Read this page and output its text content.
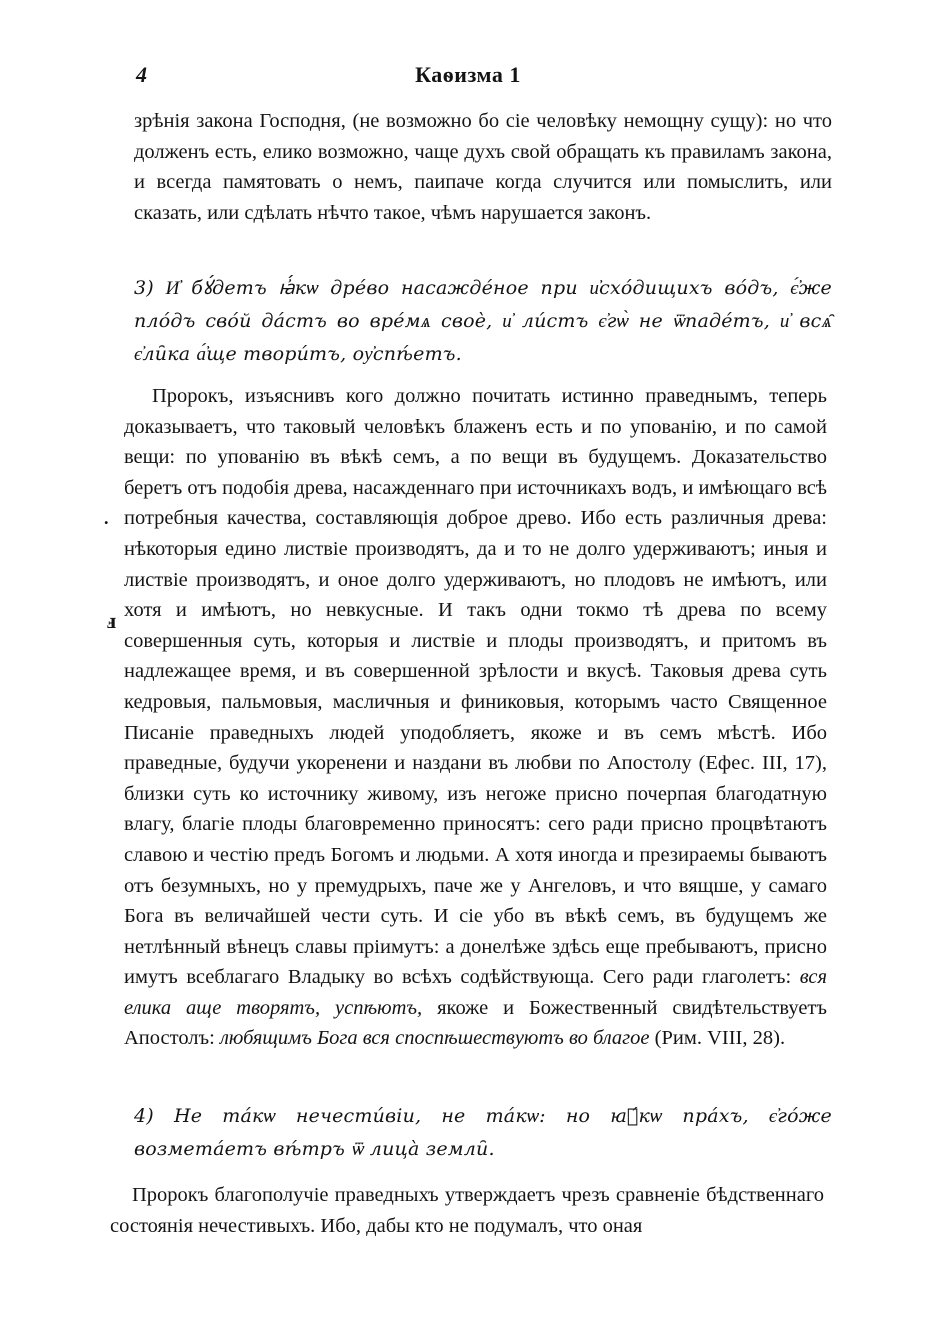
4	Каѳизма 1

зрѣнія закона Господня, (не возможно бо сіе человѣку немощну сущу): но что долженъ есть, елико возможно, чаще духъ свой обращать къ правиламъ закона, и всегда памятовать о немъ, паипаче когда случится или помыслить, или сказать, или сдѣлать нѣчто такое, чѣмъ нарушается законъ.

3) И҆ бꙋ́детъ ꙗ҆́кѡ дре́во насажде́ное при и҆схо́дищихъ во́дъ, є҆́же пло́дъ сво́й да́стъ во вре́мѧ своѐ, и҆ ли́стъ є҆гѡ̀ не ѿпаде́тъ, и҆ всѧ̑ є҆ли̑ка а҆́ще твори́тъ, оу҆спѣ́етъ.

Пророкъ, изъяснивъ кого должно почитать истинно праведнымъ, теперь доказываетъ, что таковый человѣкъ блаженъ есть и по упованію, и по самой вещи: по упованію въ вѣкѣ семъ, а по вещи въ будущемъ. Доказательство беретъ отъ подобія древа, насажденнаго при источникахъ водъ, и имѣющаго всѣ потребныя качества, составляющія доброе древо. Ибо есть различныя древа: нѣкоторыя едино листвіе производятъ, да и то не долго удерживаютъ; иныя и листвіе производятъ, и оное долго удерживаютъ, но плодовъ не имѣютъ, или хотя и имѣютъ, но невкусные. И такъ одни токмо тѣ древа по всему совершенныя суть, которыя и листвіе и плоды производятъ, и притомъ въ надлежащее время, и въ совершенной зрѣлости и вкусѣ. Таковыя древа суть кедровыя, пальмовыя, масличныя и финиковыя, которымъ часто Священное Писаніе праведныхъ людей уподобляетъ, якоже и въ семъ мѣстѣ. Ибо праведные, будучи укоренени и наздани въ любви по Апостолу (Ефес. III, 17), близки суть ко источнику живому, изъ негоже присно почерпая благодатную влагу, благіе плоды благовременно приносятъ: сего ради присно процвѣтаютъ славою и честію предъ Богомъ и людьми. А хотя иногда и презираемы бываютъ отъ безумныхъ, но у премудрыхъ, паче же у Ангеловъ, и что вящше, у самаго Бога въ величайшей чести суть. И сіе убо въ вѣкѣ семъ, въ будущемъ же нетлѣнный вѣнецъ славы пріимутъ: а донелѣже здѣсь еще пребываютъ, присно имутъ всеблагаго Владыку во всѣхъ содѣйствующа. Сего ради глаголетъ: вся елика аще творятъ, успѣютъ, якоже и Божественный свидѣтельствуетъ Апостолъ: любящимъ Бога вся споспѣшествуютъ во благое (Рим. VIII, 28).

.
ⅎ

4) Не та́кѡ нечести́віи, не та́кѡ: но ꙗ҆́кѡ пра́хъ, є҆го́же возмета́етъ вѣ́тръ ѿ лица̀ земли̑.

Пророкъ благополучіе праведныхъ утверждаетъ чрезъ сравненіе бѣдственнаго состоянія нечестивыхъ. Ибо, дабы кто не подумалъ, что оная
